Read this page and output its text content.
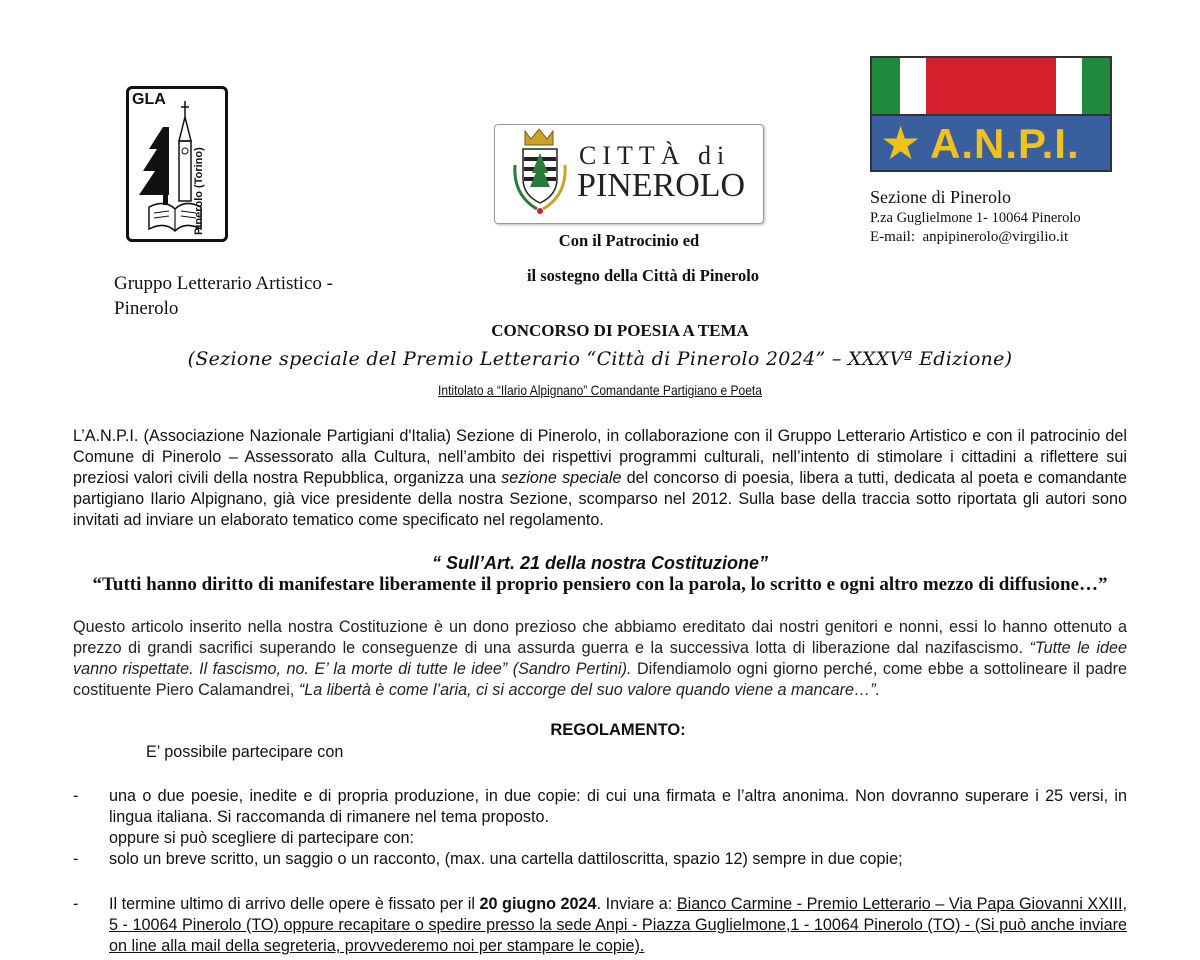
GLA
Pinerolo (Torino)
Gruppo Letterario Artistico -
Pinerolo
CITTÀ di
PINEROLO
Con il Patrocinio ed
il sostegno della Città di Pinerolo
★ A.N.P.I.
Sezione di Pinerolo
P.za Guglielmone 1- 10064 Pinerolo
E-mail: anpipinerolo@virgilio.it
CONCORSO DI POESIA A TEMA
(Sezione speciale del Premio Letterario “Città di Pinerolo 2024” – XXXVª Edizione)
Intitolato a “Ilario Alpignano” Comandante Partigiano e Poeta
L’A.N.P.I. (Associazione Nazionale Partigiani d'Italia) Sezione di Pinerolo, in collaborazione con il Gruppo Letterario Artistico e con il patrocinio del Comune di Pinerolo – Assessorato alla Cultura, nell’ambito dei rispettivi programmi culturali, nell’intento di stimolare i cittadini a riflettere sui preziosi valori civili della nostra Repubblica, organizza una sezione speciale del concorso di poesia, libera a tutti, dedicata al poeta e comandante partigiano Ilario Alpignano, già vice presidente della nostra Sezione, scomparso nel 2012. Sulla base della traccia sotto riportata gli autori sono invitati ad inviare un elaborato tematico come specificato nel regolamento.
“ Sull’Art. 21 della nostra Costituzione”
“Tutti hanno diritto di manifestare liberamente il proprio pensiero con la parola, lo scritto e ogni altro mezzo di diffusione…”
Questo articolo inserito nella nostra Costituzione è un dono prezioso che abbiamo ereditato dai nostri genitori e nonni, essi lo hanno ottenuto a prezzo di grandi sacrifici superando le conseguenze di una assurda guerra e la successiva lotta di liberazione dal nazifascismo. “Tutte le idee vanno rispettate. Il fascismo, no. E’ la morte di tutte le idee” (Sandro Pertini). Difendiamolo ogni giorno perché, come ebbe a sottolineare il padre costituente Piero Calamandrei, “La libertà è come l’aria, ci si accorge del suo valore quando viene a mancare…”.
REGOLAMENTO:
E’ possibile partecipare con
- una o due poesie, inedite e di propria produzione, in due copie: di cui una firmata e l’altra anonima. Non dovranno superare i 25 versi, in lingua italiana. Si raccomanda di rimanere nel tema proposto.
oppure si può scegliere di partecipare con:
- solo un breve scritto, un saggio o un racconto, (max. una cartella dattiloscritta, spazio 12) sempre in due copie;
- Il termine ultimo di arrivo delle opere è fissato per il 20 giugno 2024. Inviare a: Bianco Carmine - Premio Letterario – Via Papa Giovanni XXIII, 5 - 10064 Pinerolo (TO) oppure recapitare o spedire presso la sede Anpi - Piazza Guglielmone,1 - 10064 Pinerolo (TO) - (Si può anche inviare on line alla mail della segreteria, provvederemo noi per stampare le copie).
